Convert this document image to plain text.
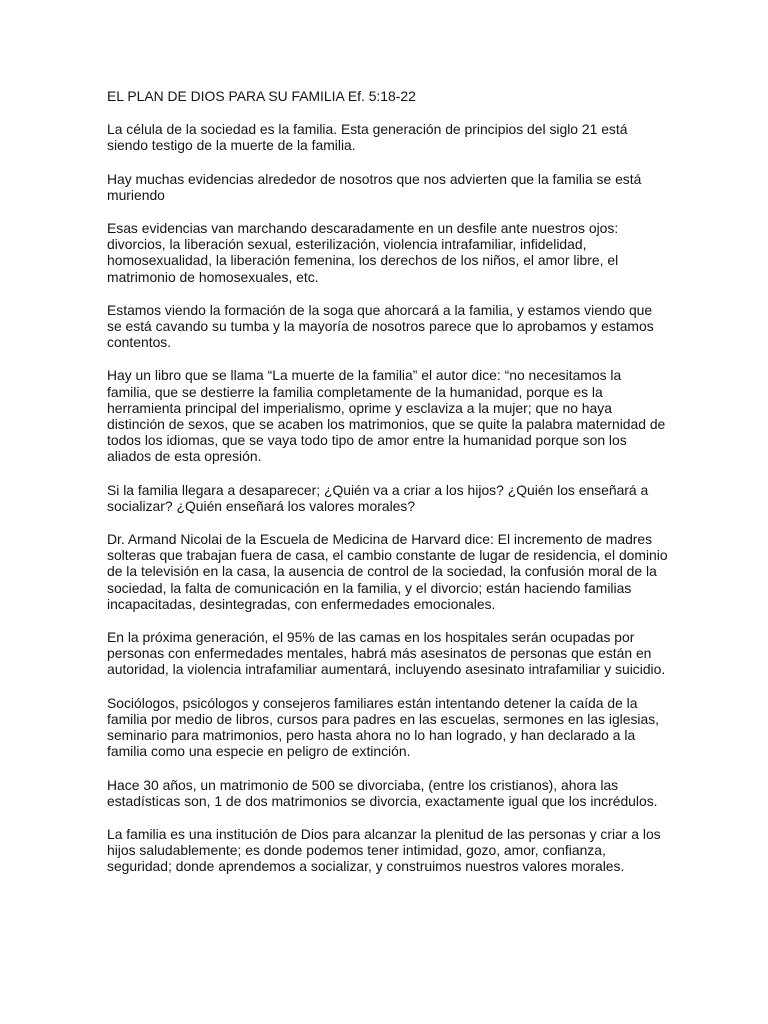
EL PLAN DE DIOS PARA SU FAMILIA Ef. 5:18-22

La célula de la sociedad es la familia. Esta generación de principios del siglo 21 está siendo testigo de la muerte de la familia.

Hay muchas evidencias alrededor de nosotros que nos advierten que la familia se está muriendo

Esas evidencias van marchando descaradamente en un desfile ante nuestros ojos: divorcios, la liberación sexual, esterilización, violencia intrafamiliar, infidelidad, homosexualidad, la liberación femenina, los derechos de los niños, el amor libre, el matrimonio de homosexuales, etc.

Estamos viendo la formación de la soga que ahorcará a la familia, y estamos viendo que se está cavando su tumba y la mayoría de nosotros parece que lo aprobamos y estamos contentos.

Hay un libro que se llama “La muerte de la familia” el autor dice: “no necesitamos la familia, que se destierre la familia completamente de la humanidad, porque es la herramienta principal del imperialismo, oprime y esclaviza a la mujer; que no haya distinción de sexos, que se acaben los matrimonios, que se quite la palabra maternidad de todos los idiomas, que se vaya todo tipo de amor entre la humanidad porque son los aliados de esta opresión.

Si la familia llegara a desaparecer; ¿Quién va a criar a los hijos? ¿Quién los enseñará a socializar? ¿Quién enseñará los valores morales?

Dr. Armand Nicolai de la Escuela de Medicina de Harvard dice: El incremento de madres solteras que trabajan fuera de casa, el cambio constante de lugar de residencia, el dominio de la televisión en la casa, la ausencia de control de la sociedad, la confusión moral de la sociedad, la falta de comunicación en la familia, y el divorcio; están haciendo familias incapacitadas, desintegradas, con enfermedades emocionales.

En la próxima generación, el 95% de las camas en los hospitales serán ocupadas por personas con enfermedades mentales, habrá más asesinatos de personas que están en autoridad, la violencia intrafamiliar aumentará, incluyendo asesinato intrafamiliar y suicidio.

Sociólogos, psicólogos y consejeros familiares están intentando detener la caída de la familia por medio de libros, cursos para padres en las escuelas, sermones en las iglesias, seminario para matrimonios, pero hasta ahora no lo han logrado, y han declarado a la familia como una especie en peligro de extinción.

Hace 30 años, un matrimonio de 500 se divorciaba, (entre los cristianos), ahora las estadísticas son, 1 de dos matrimonios se divorcia, exactamente igual que los incrédulos.

La familia es una institución de Dios para alcanzar la plenitud de las personas y criar a los hijos saludablemente; es donde podemos tener intimidad, gozo, amor, confianza, seguridad; donde aprendemos a socializar, y construimos nuestros valores morales.
